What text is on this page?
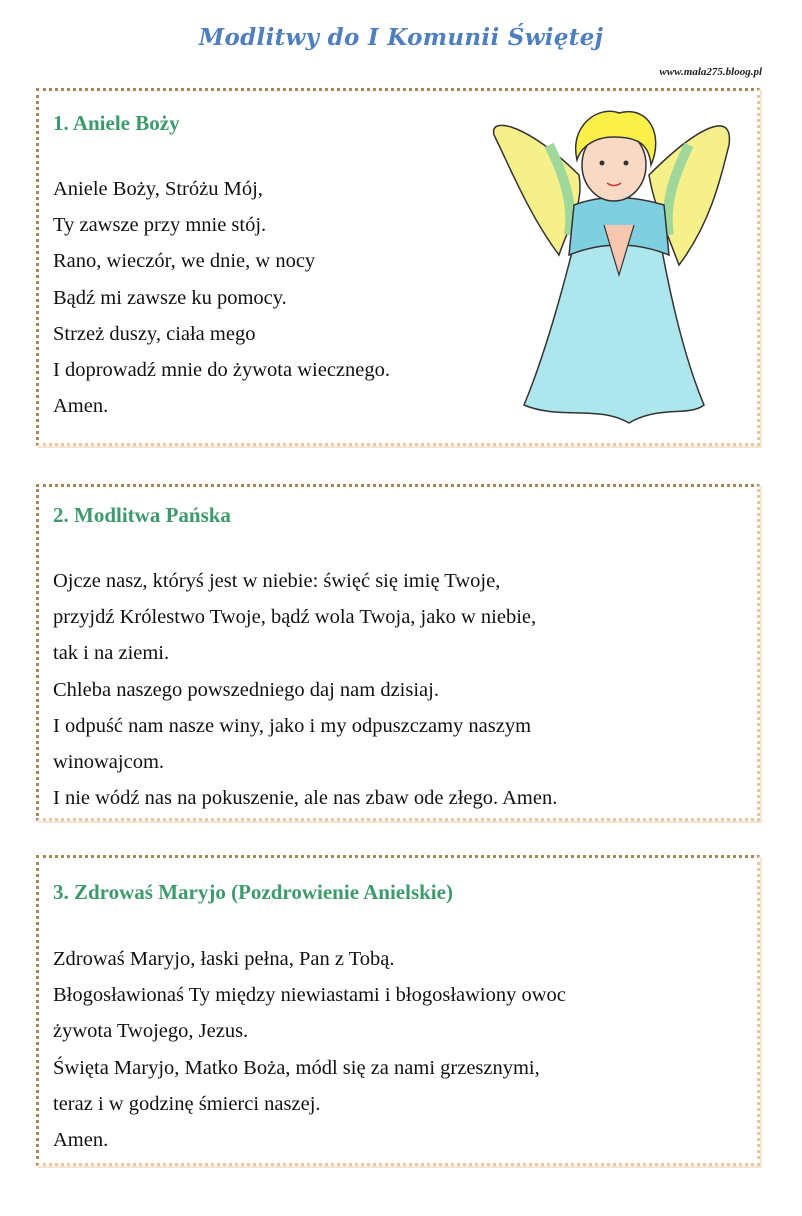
Modlitwy do I Komunii Świętej
www.mala275.bloog.pl
1. Aniele Boży
Aniele Boży, Stróżu Mój,
Ty zawsze przy mnie stój.
Rano, wieczór, we dnie, w nocy
Bądź mi zawsze ku pomocy.
Strzeż duszy, ciała mego
I doprowadź mnie do żywota wiecznego.
Amen.
2. Modlitwa Pańska
Ojcze nasz, któryś jest w niebie: święć się imię Twoje,
przyjdź Królestwo Twoje, bądź wola Twoja, jako w niebie,
tak i na ziemi.
Chleba naszego powszedniego daj nam dzisiaj.
I odpuść nam nasze winy, jako i my odpuszczamy naszym
winowajcom.
I nie wódź nas na pokuszenie, ale nas zbaw ode złego. Amen.
3. Zdrowaś Maryjo (Pozdrowienie Anielskie)
Zdrowaś Maryjo, łaski pełna, Pan z Tobą.
Błogosławionaś Ty między niewiastami i błogosławiony owoc
żywota Twojego, Jezus.
Święta Maryjo, Matko Boża, módl się za nami grzesznymi,
teraz i w godzinę śmierci naszej.
Amen.
